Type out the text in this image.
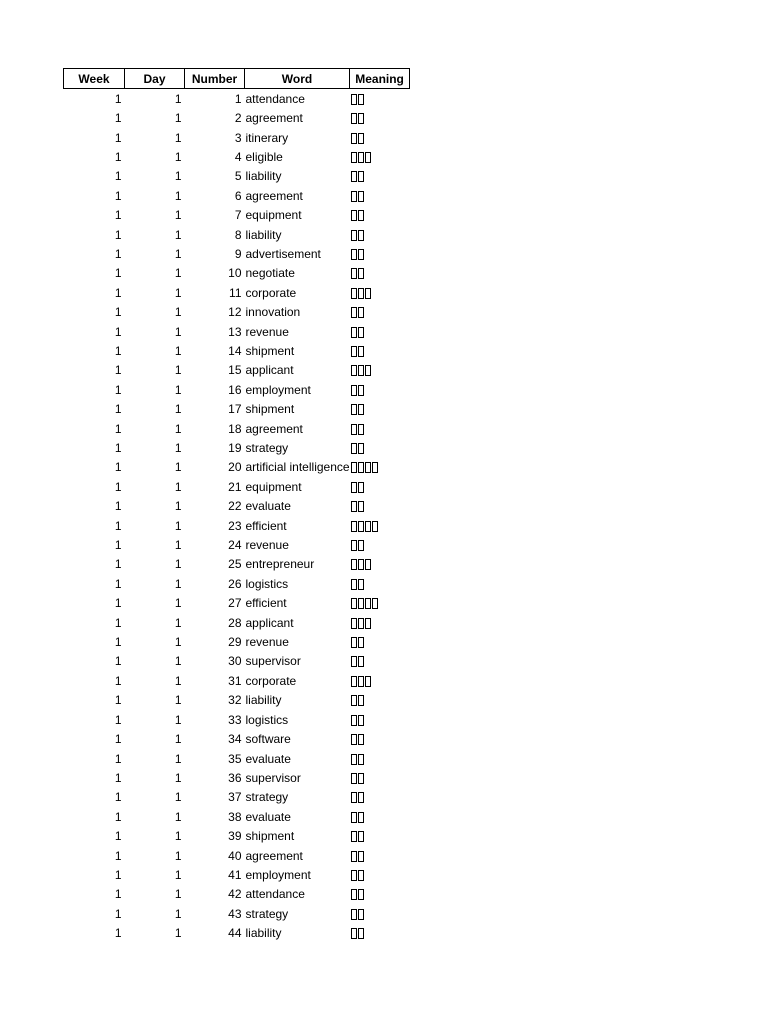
Week	Day	Number	Word	Meaning
1	1	1	attendance	
1	1	2	agreement	
1	1	3	itinerary	
1	1	4	eligible	
1	1	5	liability	
1	1	6	agreement	
1	1	7	equipment	
1	1	8	liability	
1	1	9	advertisement	
1	1	10	negotiate	
1	1	11	corporate	
1	1	12	innovation	
1	1	13	revenue	
1	1	14	shipment	
1	1	15	applicant	
1	1	16	employment	
1	1	17	shipment	
1	1	18	agreement	
1	1	19	strategy	
1	1	20	artificial intelligence	
1	1	21	equipment	
1	1	22	evaluate	
1	1	23	efficient	
1	1	24	revenue	
1	1	25	entrepreneur	
1	1	26	logistics	
1	1	27	efficient	
1	1	28	applicant	
1	1	29	revenue	
1	1	30	supervisor	
1	1	31	corporate	
1	1	32	liability	
1	1	33	logistics	
1	1	34	software	
1	1	35	evaluate	
1	1	36	supervisor	
1	1	37	strategy	
1	1	38	evaluate	
1	1	39	shipment	
1	1	40	agreement	
1	1	41	employment	
1	1	42	attendance	
1	1	43	strategy	
1	1	44	liability	
